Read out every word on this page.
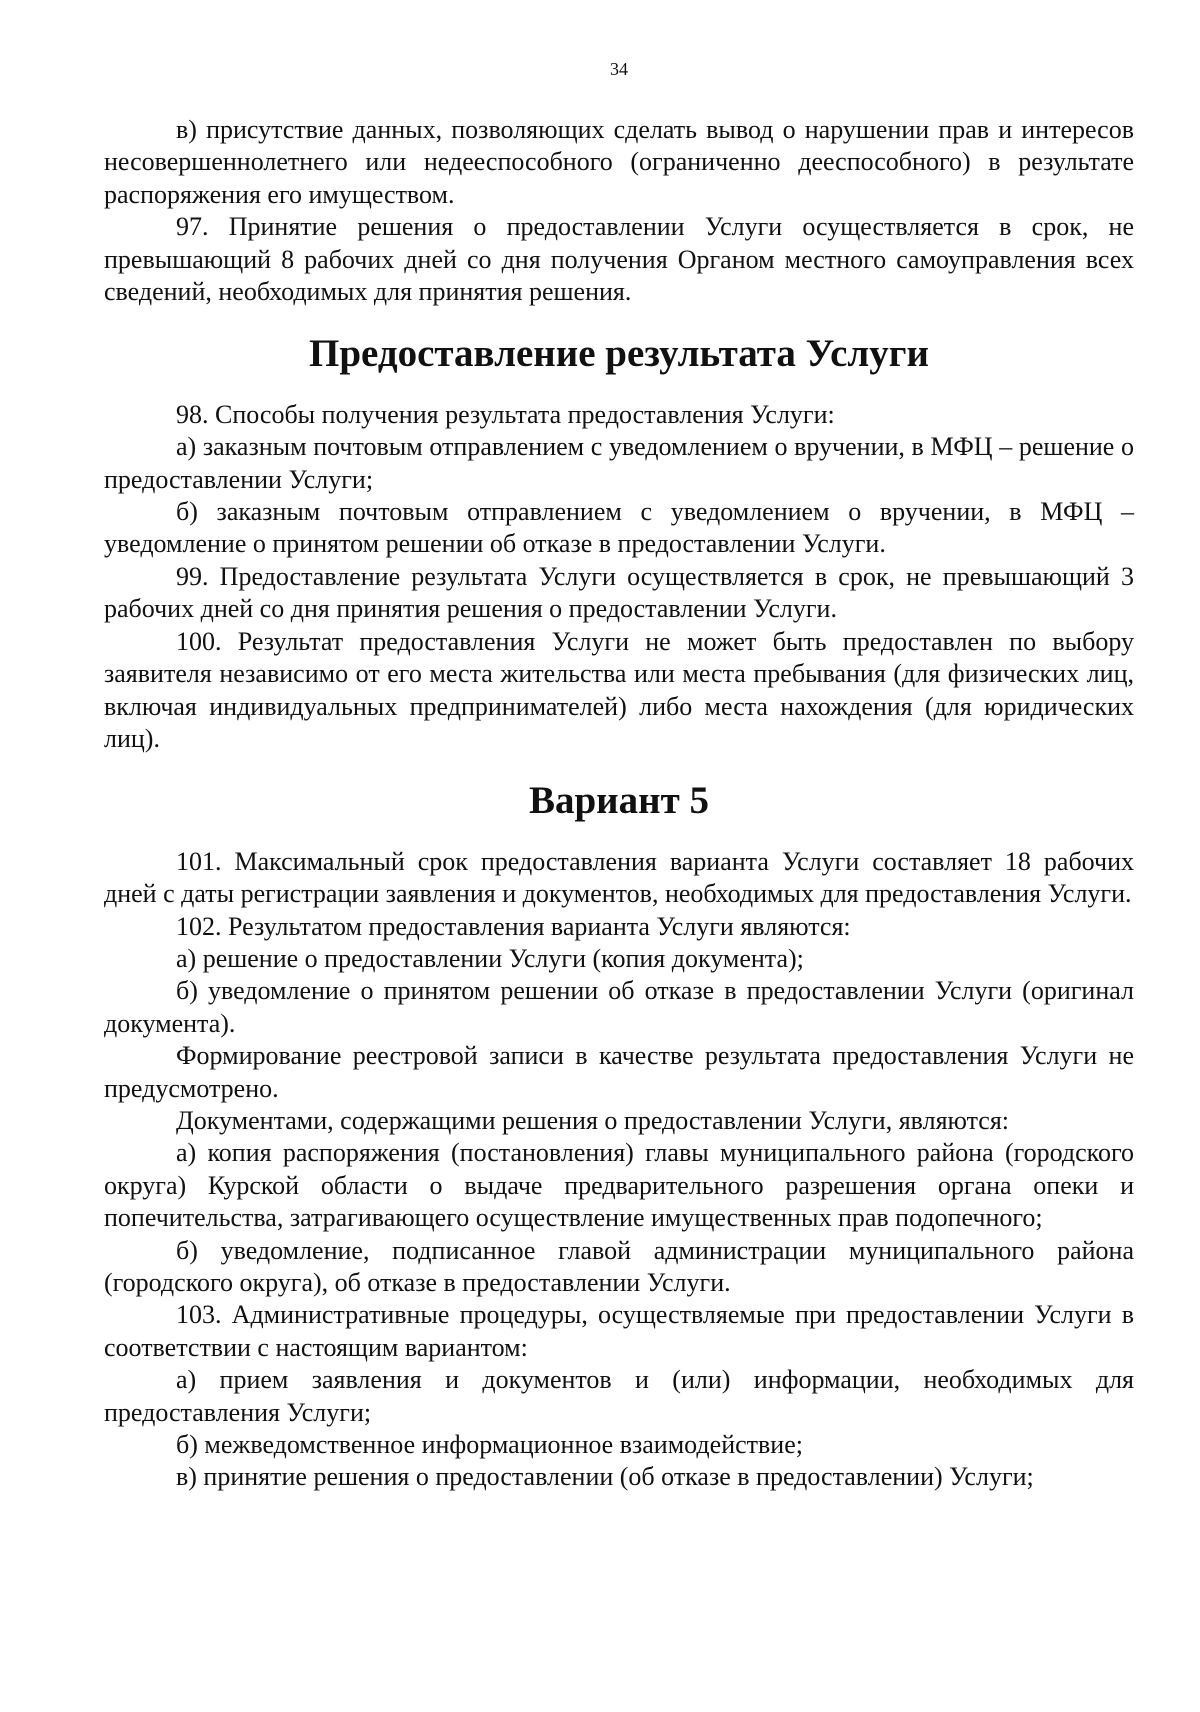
34

в) присутствие данных, позволяющих сделать вывод о нарушении прав и интересов несовершеннолетнего или недееспособного (ограниченно дееспособного) в результате распоряжения его имуществом.

97. Принятие решения о предоставлении Услуги осуществляется в срок, не превышающий 8 рабочих дней со дня получения Органом местного самоуправления всех сведений, необходимых для принятия решения.

Предоставление результата Услуги

98. Способы получения результата предоставления Услуги:

а) заказным почтовым отправлением с уведомлением о вручении, в МФЦ – решение о предоставлении Услуги;

б) заказным почтовым отправлением с уведомлением о вручении, в МФЦ – уведомление о принятом решении об отказе в предоставлении Услуги.

99. Предоставление результата Услуги осуществляется в срок, не превышающий 3 рабочих дней со дня принятия решения о предоставлении Услуги.

100. Результат предоставления Услуги не может быть предоставлен по выбору заявителя независимо от его места жительства или места пребывания (для физических лиц, включая индивидуальных предпринимателей) либо места нахождения (для юридических лиц).

Вариант 5

101. Максимальный срок предоставления варианта Услуги составляет 18 рабочих дней с даты регистрации заявления и документов, необходимых для предоставления Услуги.

102. Результатом предоставления варианта Услуги являются:

а) решение о предоставлении Услуги (копия документа);

б) уведомление о принятом решении об отказе в предоставлении Услуги (оригинал документа).

Формирование реестровой записи в качестве результата предоставления Услуги не предусмотрено.

Документами, содержащими решения о предоставлении Услуги, являются:

а) копия распоряжения (постановления) главы муниципального района (городского округа) Курской области о выдаче предварительного разрешения органа опеки и попечительства, затрагивающего осуществление имущественных прав подопечного;

б) уведомление, подписанное главой администрации муниципального района (городского округа), об отказе в предоставлении Услуги.

103. Административные процедуры, осуществляемые при предоставлении Услуги в соответствии с настоящим вариантом:

а) прием заявления и документов и (или) информации, необходимых для предоставления Услуги;

б) межведомственное информационное взаимодействие;

в) принятие решения о предоставлении (об отказе в предоставлении) Услуги;
